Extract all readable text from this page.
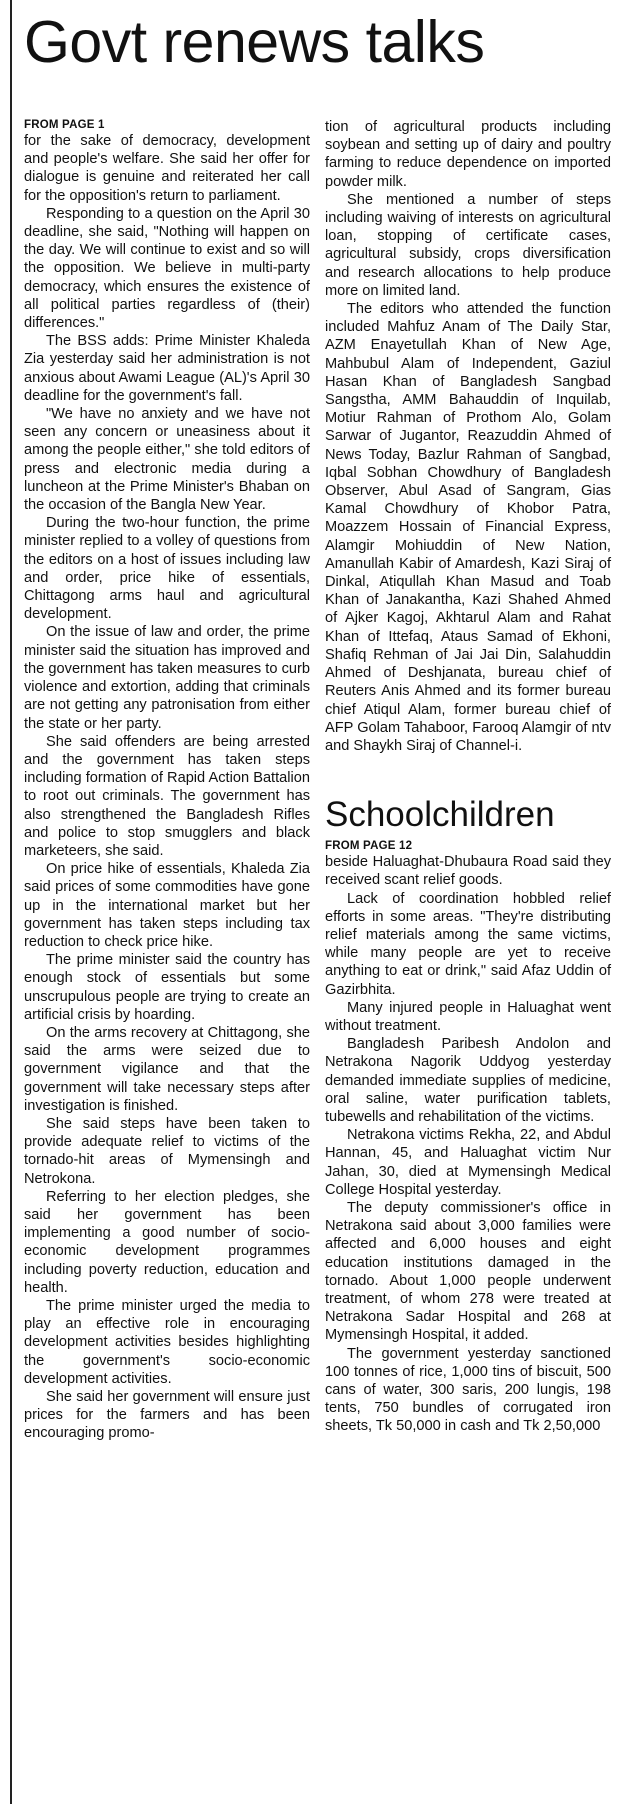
Govt renews talks

FROM PAGE 1

for the sake of democracy, development and people's welfare. She said her offer for dialogue is genuine and reiterated her call for the opposition's return to parliament.

Responding to a question on the April 30 deadline, she said, "Nothing will happen on the day. We will continue to exist and so will the opposition. We believe in multi-party democracy, which ensures the existence of all political parties regardless of (their) differences."

The BSS adds: Prime Minister Khaleda Zia yesterday said her administration is not anxious about Awami League (AL)'s April 30 deadline for the government's fall.

"We have no anxiety and we have not seen any concern or uneasiness about it among the people either," she told editors of press and electronic media during a luncheon at the Prime Minister's Bhaban on the occasion of the Bangla New Year.

During the two-hour function, the prime minister replied to a volley of questions from the editors on a host of issues including law and order, price hike of essentials, Chittagong arms haul and agricultural development.

On the issue of law and order, the prime minister said the situation has improved and the government has taken measures to curb violence and extortion, adding that criminals are not getting any patronisation from either the state or her party.

She said offenders are being arrested and the government has taken steps including formation of Rapid Action Battalion to root out criminals. The government has also strengthened the Bangladesh Rifles and police to stop smugglers and black marketeers, she said.

On price hike of essentials, Khaleda Zia said prices of some commodities have gone up in the international market but her government has taken steps including tax reduction to check price hike.

The prime minister said the country has enough stock of essentials but some unscrupulous people are trying to create an artificial crisis by hoarding.

On the arms recovery at Chittagong, she said the arms were seized due to government vigilance and that the government will take necessary steps after investigation is finished.

She said steps have been taken to provide adequate relief to victims of the tornado-hit areas of Mymensingh and Netrokona.

Referring to her election pledges, she said her government has been implementing a good number of socio-economic development programmes including poverty reduction, education and health.

The prime minister urged the media to play an effective role in encouraging development activities besides highlighting the government's socio-economic development activities.

She said her government will ensure just prices for the farmers and has been encouraging promo-

tion of agricultural products including soybean and setting up of dairy and poultry farming to reduce dependence on imported powder milk.

She mentioned a number of steps including waiving of interests on agricultural loan, stopping of certificate cases, agricultural subsidy, crops diversification and research allocations to help produce more on limited land.

The editors who attended the function included Mahfuz Anam of The Daily Star, AZM Enayetullah Khan of New Age, Mahbubul Alam of Independent, Gaziul Hasan Khan of Bangladesh Sangbad Sangstha, AMM Bahauddin of Inquilab, Motiur Rahman of Prothom Alo, Golam Sarwar of Jugantor, Reazuddin Ahmed of News Today, Bazlur Rahman of Sangbad, Iqbal Sobhan Chowdhury of Bangladesh Observer, Abul Asad of Sangram, Gias Kamal Chowdhury of Khobor Patra, Moazzem Hossain of Financial Express, Alamgir Mohiuddin of New Nation, Amanullah Kabir of Amardesh, Kazi Siraj of Dinkal, Atiqullah Khan Masud and Toab Khan of Janakantha, Kazi Shahed Ahmed of Ajker Kagoj, Akhtarul Alam and Rahat Khan of Ittefaq, Ataus Samad of Ekhoni, Shafiq Rehman of Jai Jai Din, Salahuddin Ahmed of Deshjanata, bureau chief of Reuters Anis Ahmed and its former bureau chief Atiqul Alam, former bureau chief of AFP Golam Tahaboor, Farooq Alamgir of ntv and Shaykh Siraj of Channel-i.

Schoolchildren

FROM PAGE 12

beside Haluaghat-Dhubaura Road said they received scant relief goods.

Lack of coordination hobbled relief efforts in some areas. "They're distributing relief materials among the same victims, while many people are yet to receive anything to eat or drink," said Afaz Uddin of Gazirbhita.

Many injured people in Haluaghat went without treatment.

Bangladesh Paribesh Andolon and Netrakona Nagorik Uddyog yesterday demanded immediate supplies of medicine, oral saline, water purification tablets, tubewells and rehabilitation of the victims.

Netrakona victims Rekha, 22, and Abdul Hannan, 45, and Haluaghat victim Nur Jahan, 30, died at Mymensingh Medical College Hospital yesterday.

The deputy commissioner's office in Netrakona said about 3,000 families were affected and 6,000 houses and eight education institutions damaged in the tornado. About 1,000 people underwent treatment, of whom 278 were treated at Netrakona Sadar Hospital and 268 at Mymensingh Hospital, it added.

The government yesterday sanctioned 100 tonnes of rice, 1,000 tins of biscuit, 500 cans of water, 300 saris, 200 lungis, 198 tents, 750 bundles of corrugated iron sheets, Tk 50,000 in cash and Tk 2,50,000
